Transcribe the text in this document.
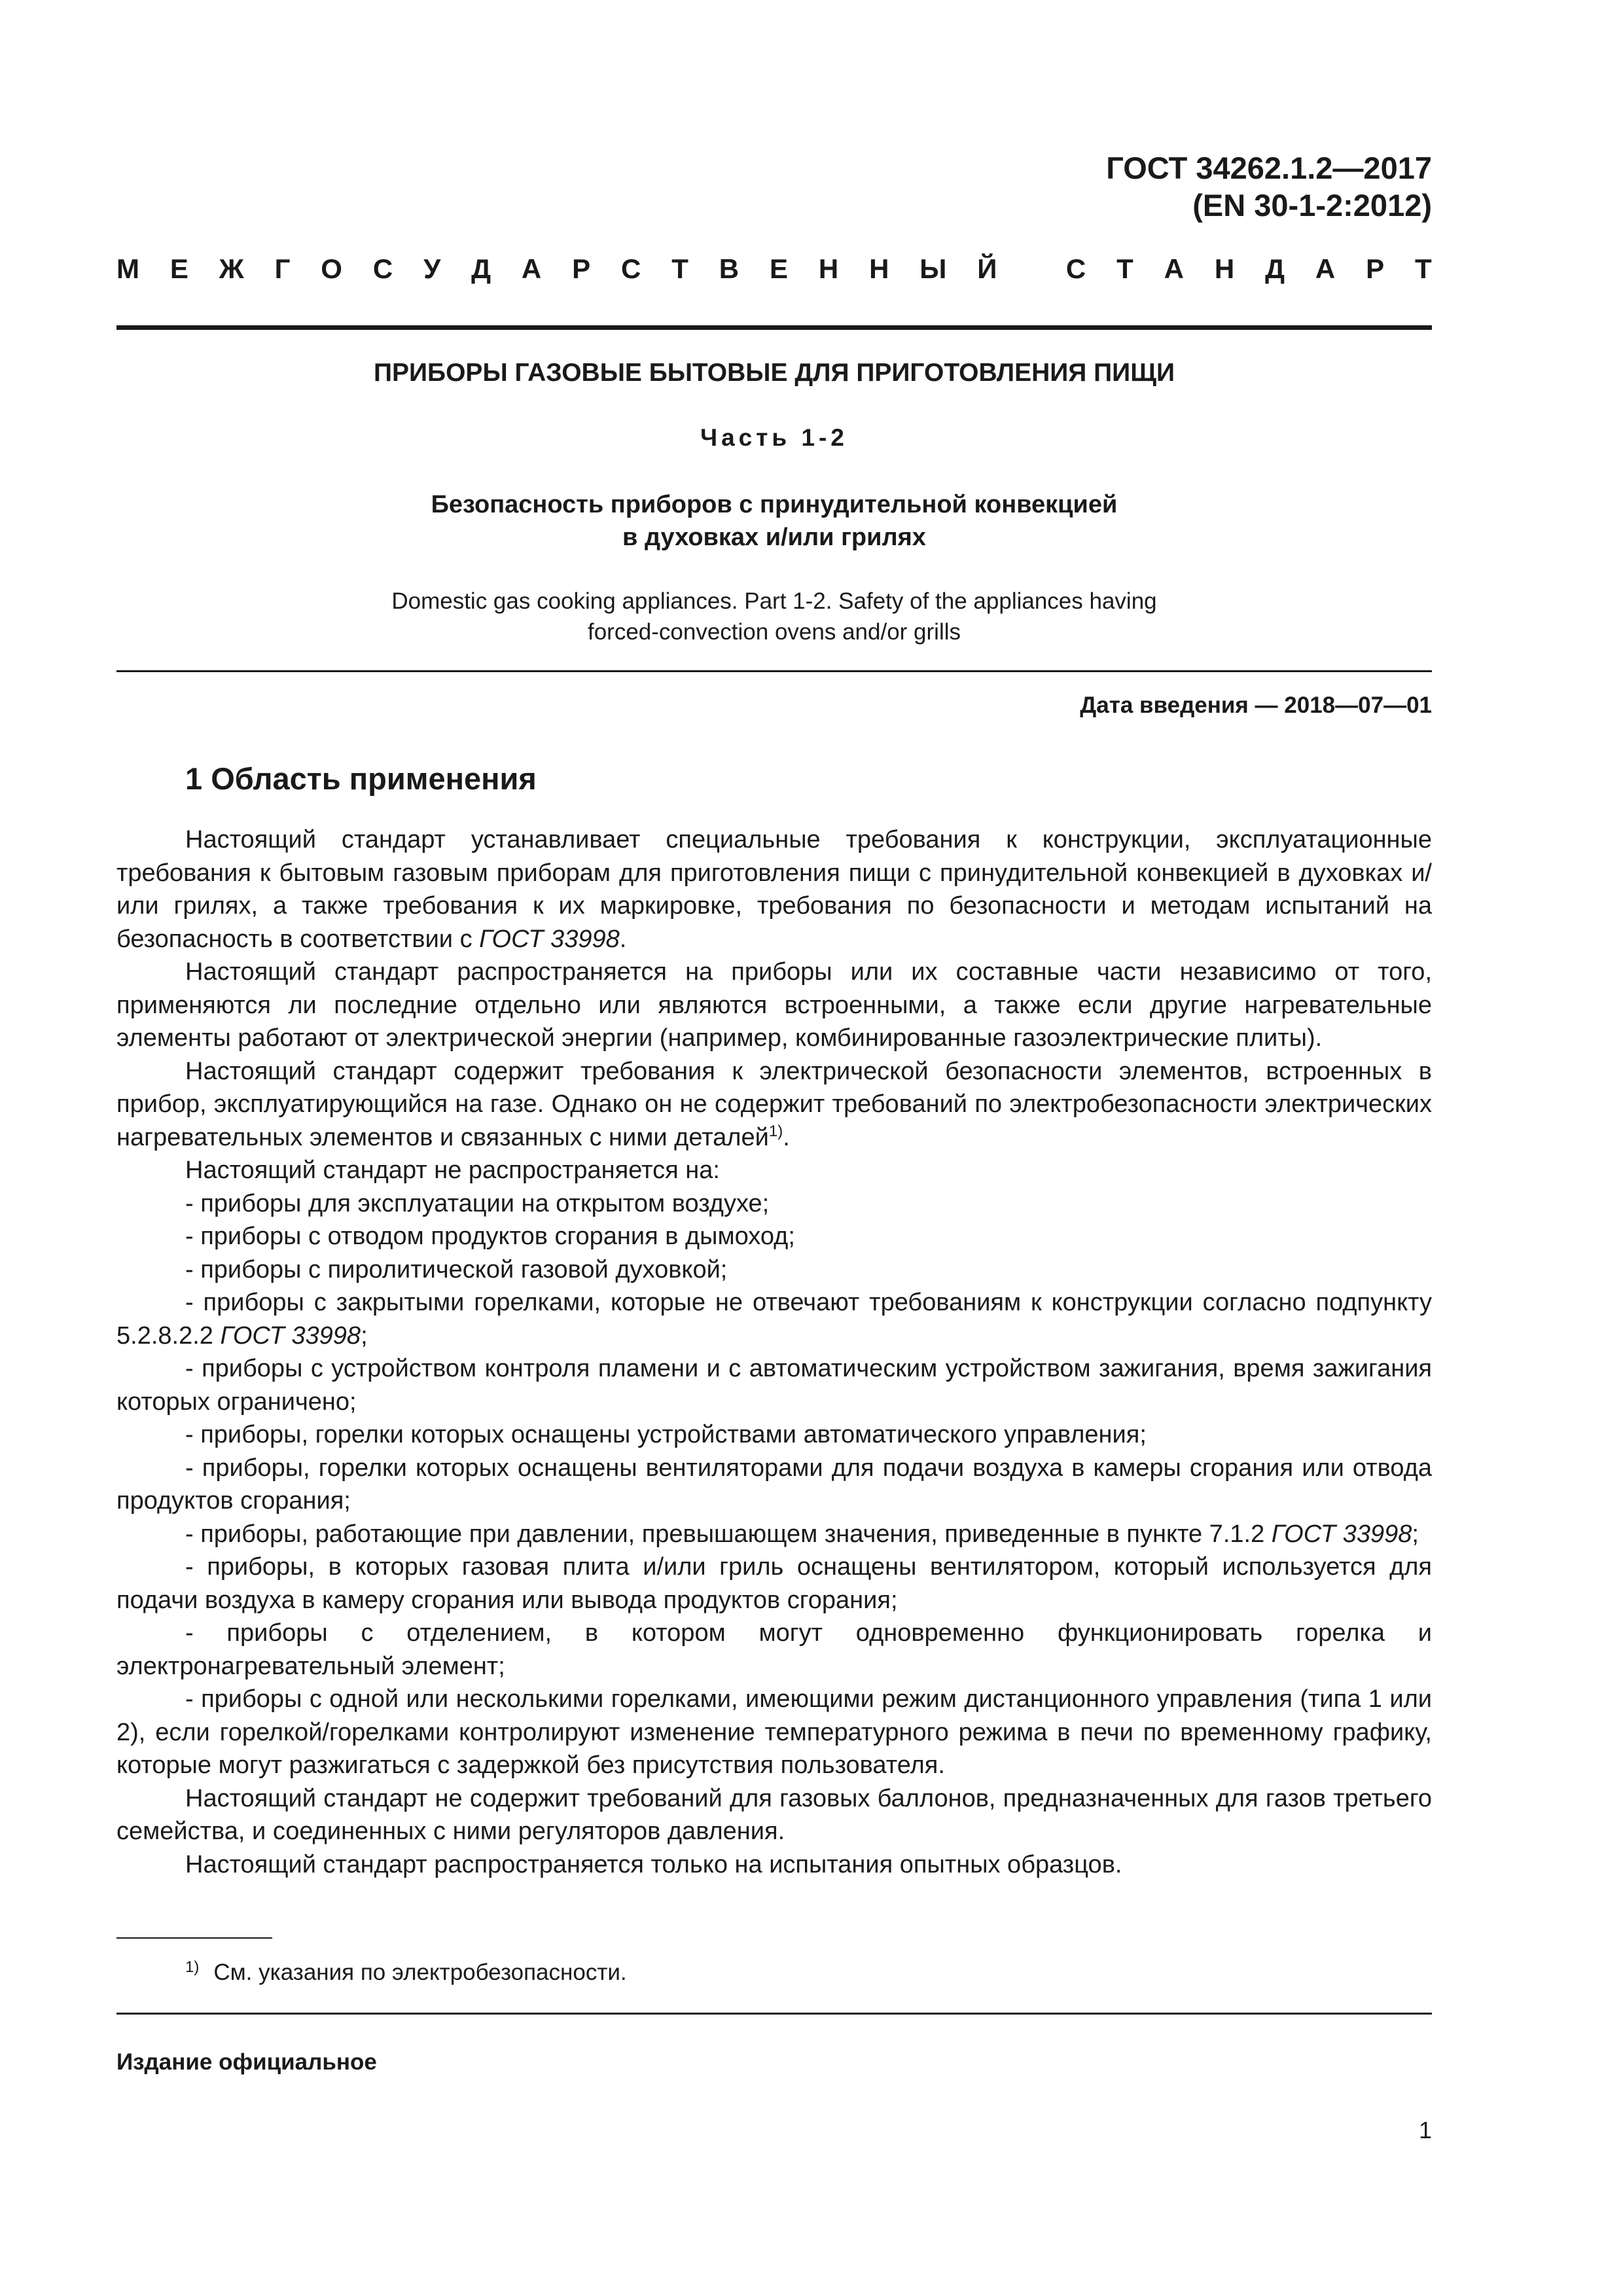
ГОСТ 34262.1.2—2017
(EN 30-1-2:2012)
М Е Ж Г О С У Д А Р С Т В Е Н Н Ы Й
	С Т А Н Д А Р Т
ПРИБОРЫ ГАЗОВЫЕ БЫТОВЫЕ ДЛЯ ПРИГОТОВЛЕНИЯ ПИЩИ
Часть 1-2
Безопасность приборов с принудительной конвекцией
в духовках и/или грилях
Domestic gas cooking appliances. Part 1-2. Safety of the appliances having
forced-convection ovens and/or grills
Дата введения — 2018—07—01
1 Область применения

Настоящий стандарт устанавливает специальные требования к конструкции, эксплуатационные требования к бытовым газовым приборам для приготовления пищи с принудительной конвекцией в духовках и/или грилях, а также требования к их маркировке, требования по безопасности и методам испытаний на безопасность в соответствии с ГОСТ 33998.

Настоящий стандарт распространяется на приборы или их составные части независимо от того, применяются ли последние отдельно или являются встроенными, а также если другие нагревательные элементы работают от электрической энергии (например, комбинированные газоэлектрические плиты).

Настоящий стандарт содержит требования к электрической безопасности элементов, встроенных в прибор, эксплуатирующийся на газе. Однако он не содержит требований по электробезопасности электрических нагревательных элементов и связанных с ними деталей$^{1)}$.

Настоящий стандарт не распространяется на:

- приборы для эксплуатации на открытом воздухе;

- приборы с отводом продуктов сгорания в дымоход;

- приборы с пиролитической газовой духовкой;

- приборы с закрытыми горелками, которые не отвечают требованиям к конструкции согласно подпункту 5.2.8.2.2 ГОСТ 33998;

- приборы с устройством контроля пламени и с автоматическим устройством зажигания, время зажигания которых ограничено;

- приборы, горелки которых оснащены устройствами автоматического управления;

- приборы, горелки которых оснащены вентиляторами для подачи воздуха в камеры сгорания или отвода продуктов сгорания;

- приборы, работающие при давлении, превышающем значения, приведенные в пункте 7.1.2 ГОСТ 33998;

- приборы, в которых газовая плита и/или гриль оснащены вентилятором, который используется для подачи воздуха в камеру сгорания или вывода продуктов сгорания;

- приборы с отделением, в котором могут одновременно функционировать горелка и электронагревательный элемент;

- приборы с одной или несколькими горелками, имеющими режим дистанционного управления (типа 1 или 2), если горелкой/горелками контролируют изменение температурного режима в печи по временному графику, которые могут разжигаться с задержкой без присутствия пользователя.

Настоящий стандарт не содержит требований для газовых баллонов, предназначенных для газов третьего семейства, и соединенных с ними регуляторов давления.

Настоящий стандарт распространяется только на испытания опытных образцов.

$^{1)}$ См. указания по электробезопасности.
Издание официальное
1
